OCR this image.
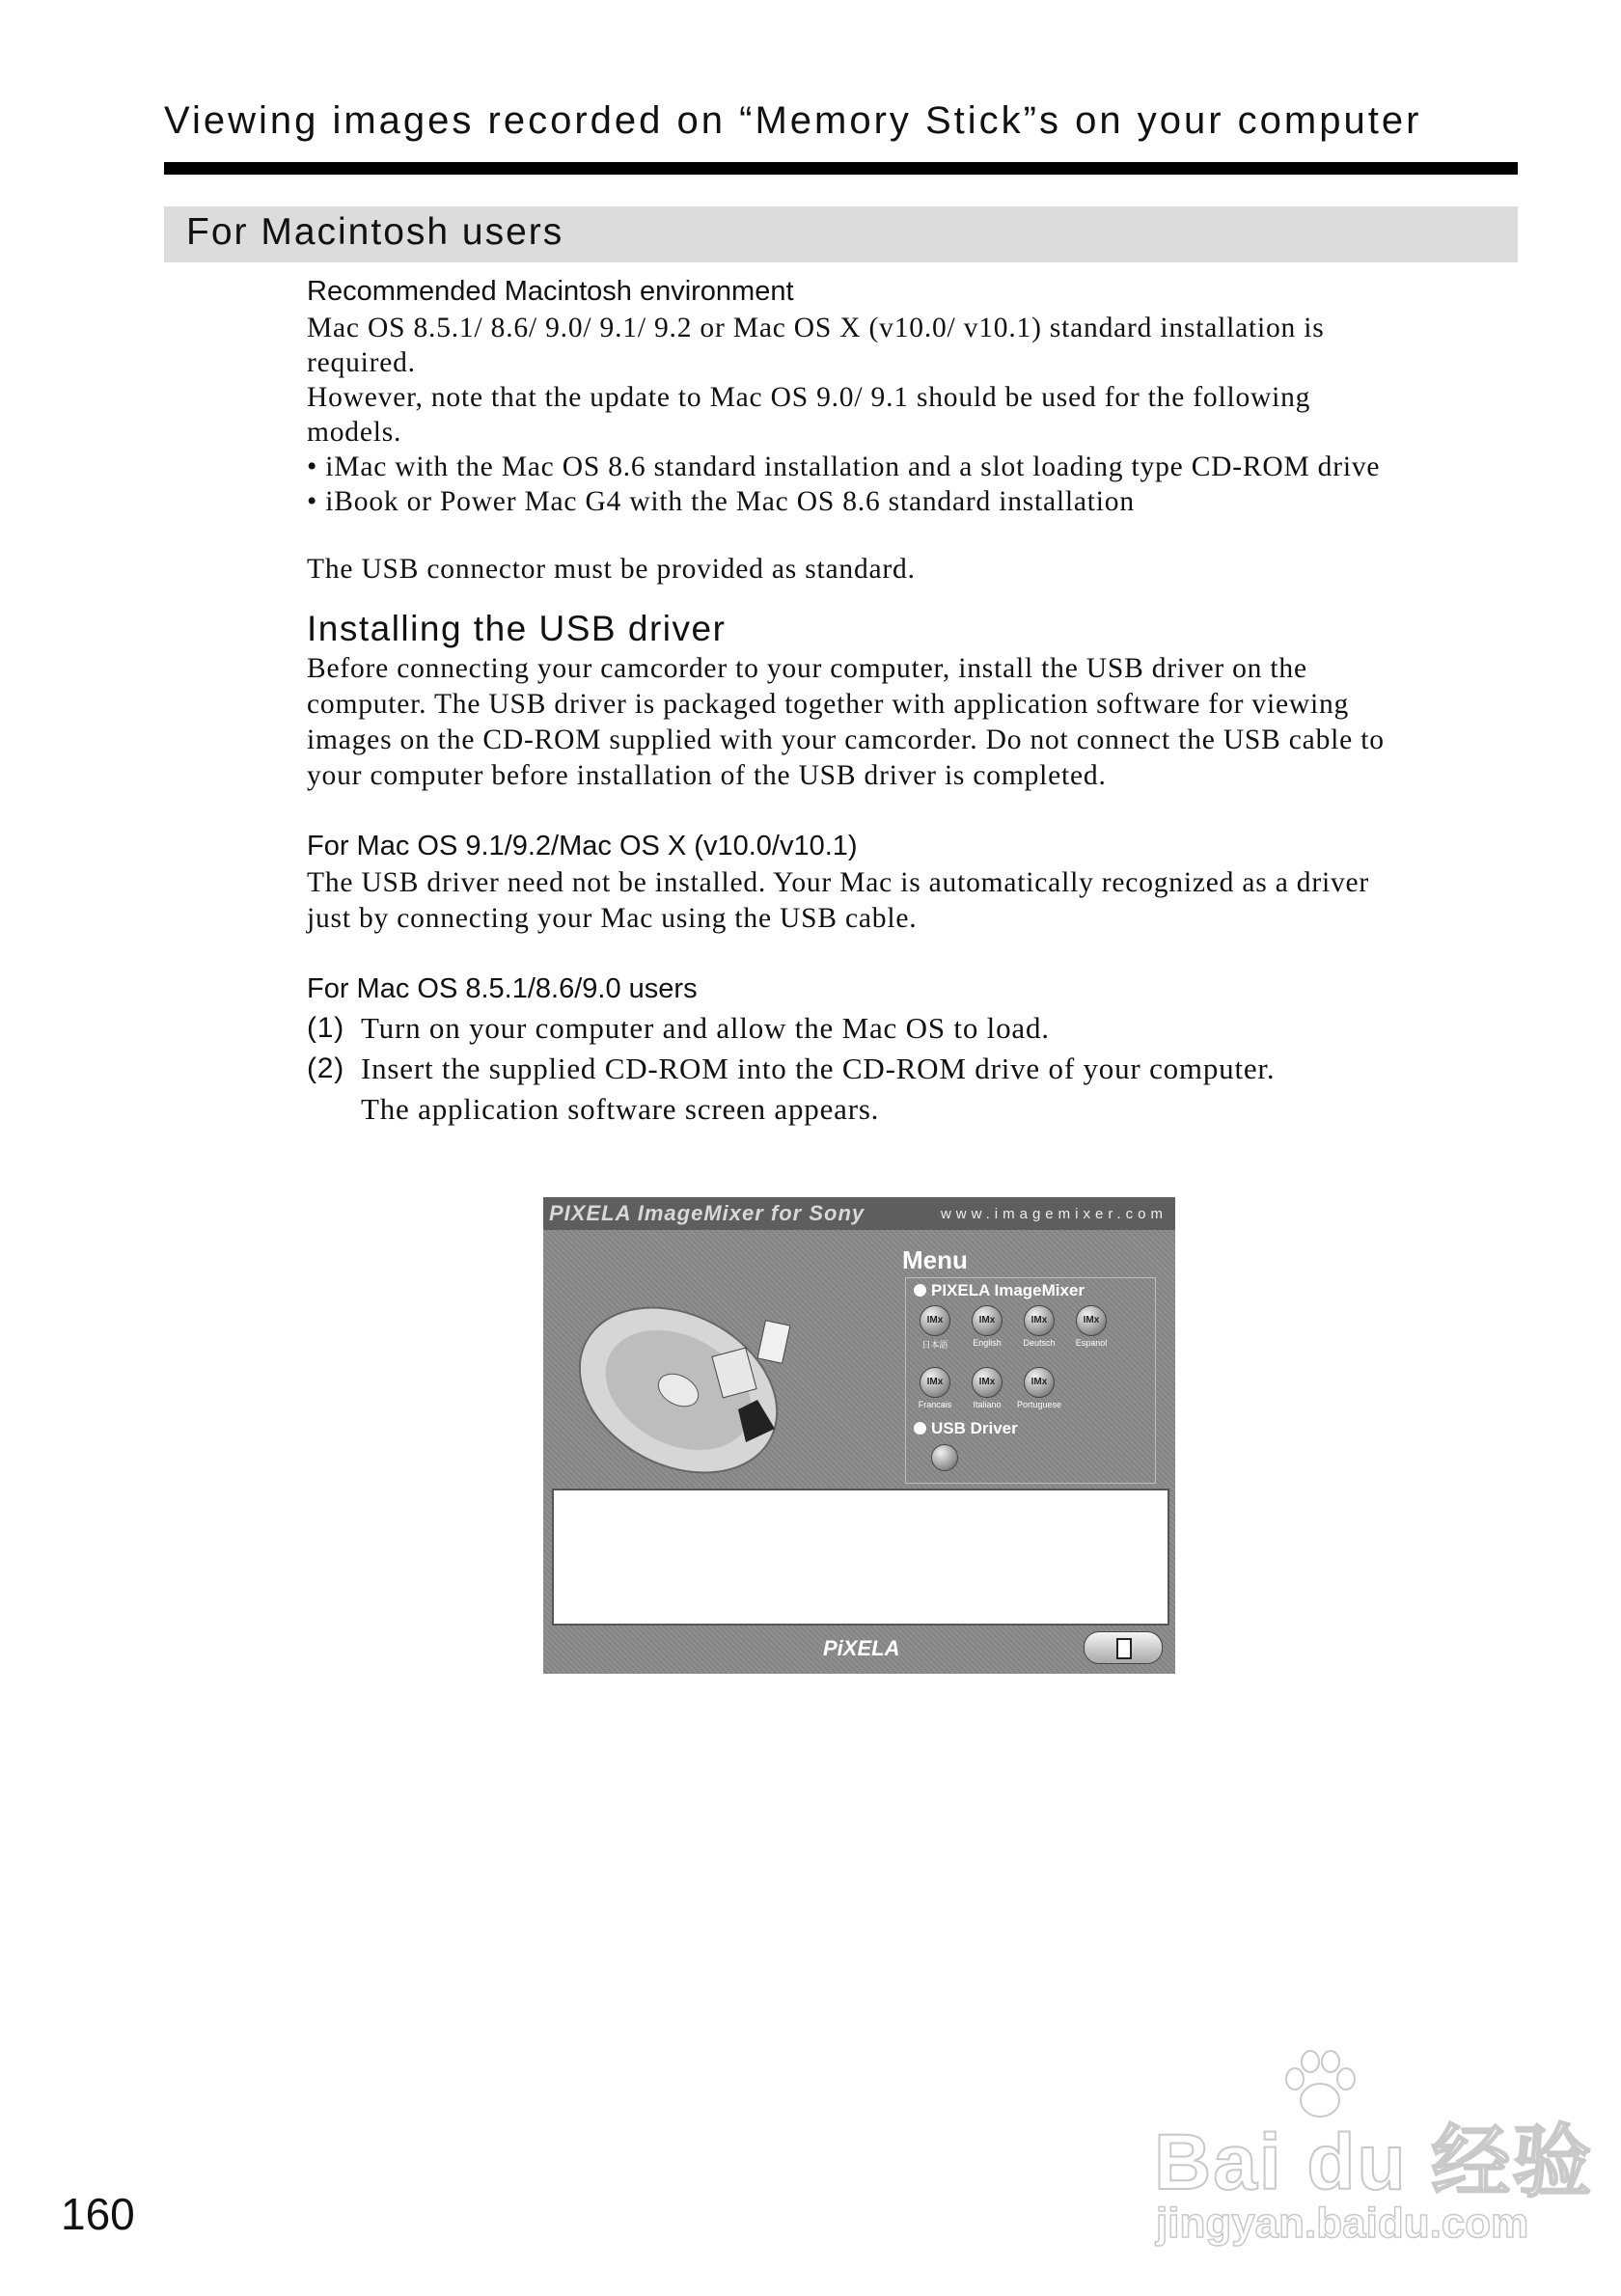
Viewing images recorded on “Memory Stick”s on your computer
For Macintosh users
Recommended Macintosh environment
Mac OS 8.5.1/ 8.6/ 9.0/ 9.1/ 9.2 or Mac OS X (v10.0/ v10.1) standard installation is
required.
However, note that the update to Mac OS 9.0/ 9.1 should be used for the following
models.
• iMac with the Mac OS 8.6 standard installation and a slot loading type CD-ROM drive
• iBook or Power Mac G4 with the Mac OS 8.6 standard installation
The USB connector must be provided as standard.
Installing the USB driver
Before connecting your camcorder to your computer, install the USB driver on the
computer. The USB driver is packaged together with application software for viewing
images on the CD-ROM supplied with your camcorder. Do not connect the USB cable to
your computer before installation of the USB driver is completed.
For Mac OS 9.1/9.2/Mac OS X (v10.0/v10.1)
The USB driver need not be installed. Your Mac is automatically recognized as a driver
just by connecting your Mac using the USB cable.
For Mac OS 8.5.1/8.6/9.0 users
(1) Turn on your computer and allow the Mac OS to load.
(2) Insert the supplied CD-ROM into the CD-ROM drive of your computer.
The application software screen appears.
PIXELA ImageMixer for Sony	www.imagemixer.com
Menu
PIXELA ImageMixer
IMx
日本語
IMx
English
IMx
Deutsch
IMx
Espanol
IMx
Francais
IMx
Italiano
IMx
Portuguese
USB Driver
PiXELA
160
Bai du 经验
jingyan.baidu.com
